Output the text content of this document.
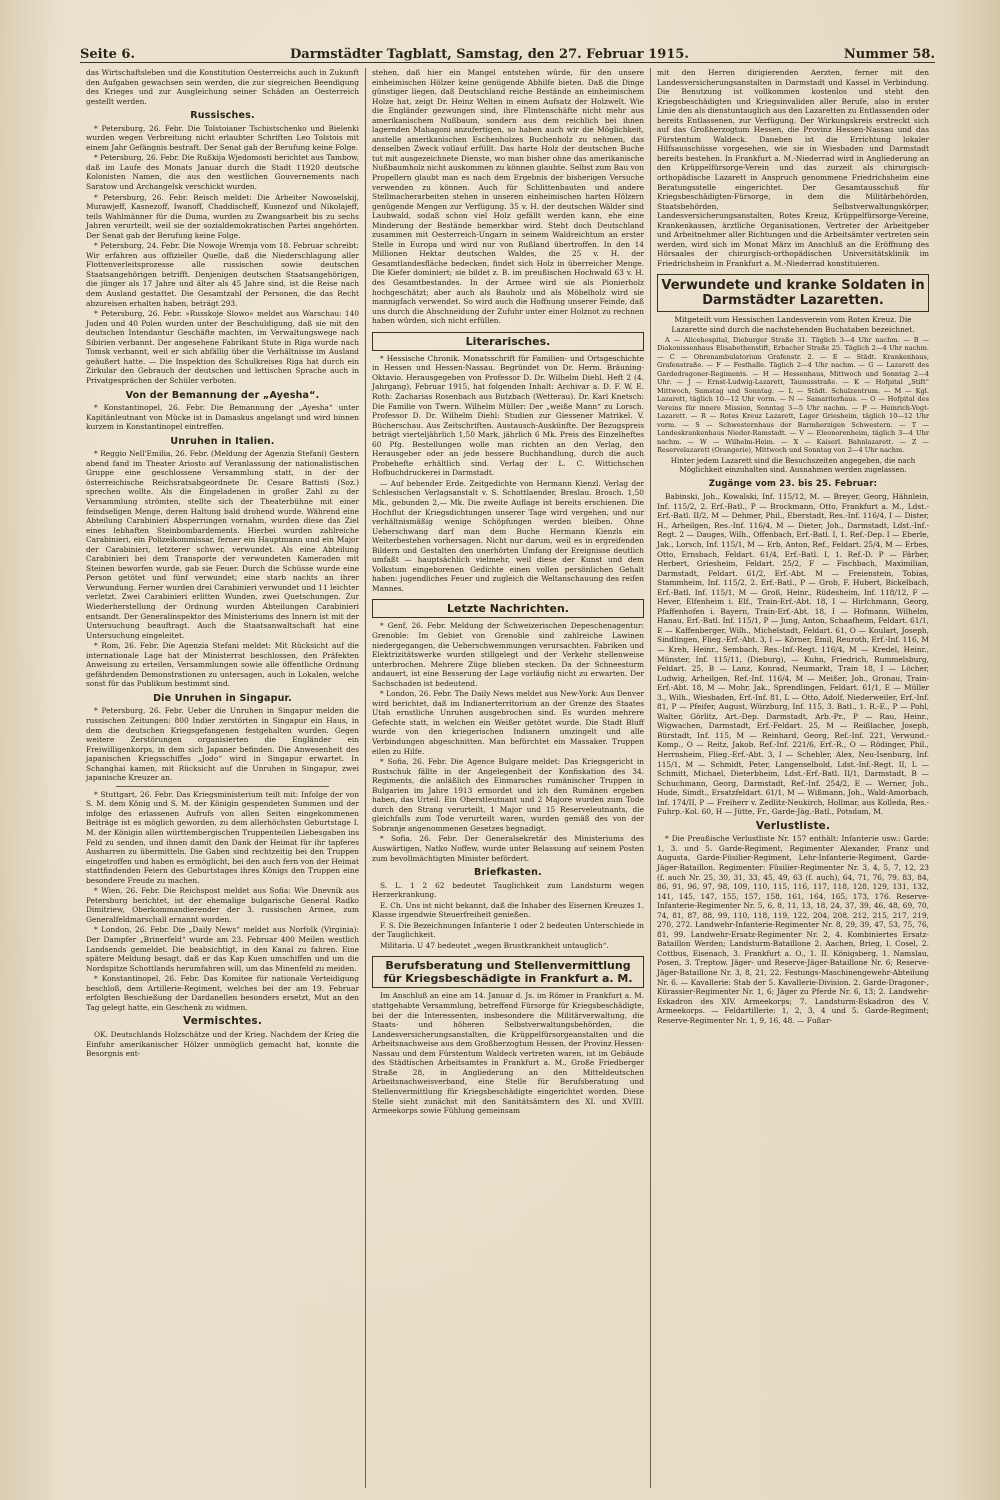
Seite 6.	Darmstädter Tagblatt, Samstag, den 27. Februar 1915.	Nummer 58.

das Wirtschaftsleben und die Konstitution Oesterreichs auch in Zukunft den Aufgaben gewachsen sein werden, die zur siegreichen Beendigung des Krieges und zur Ausgleichung seiner Schäden an Oesterreich gestellt werden.

Russisches.

* Petersburg, 26. Febr. Die Tolstoianer Tschistschenko und Bielenki wurden wegen Verbreitung nicht erlaubter Schriften Leo Tolstois mit einem Jahr Gefängnis bestraft. Der Senat gab der Berufung keine Folge.

* Petersburg, 26. Febr. Die Rußkija Wjedomosti berichtet aus Tambow, daß im Laufe des Monats Januar durch die Stadt 11920 deutsche Kolonisten Namen, die aus den westlichen Gouvernements nach Saratow und Archangelsk verschickt wurden.

* Petersburg, 26. Febr. Reisch meldet: Die Arbeiter Nowoselskij, Murawjeff, Kasnezoff, Iwanoff, Chaddischeff, Kusnezof und Nikolajeff, teils Wahlmänner für die Duma, wurden zu Zwangsarbeit bis zu sechs Jahren verurteilt, weil sie der sozialdemokratischen Partei angehörten. Der Senat gab der Berufung keine Folge.

* Petersburg, 24. Febr. Die Nowoje Wremja vom 18. Februar schreibt: Wir erfahren aus offizieller Quelle, daß die Niederschlagung aller Flottenverleitsprozesse alle russischen sowie deutschen Staatsangehörigen betrifft. Denjenigen deutschen Staatsangehörigen, die jünger als 17 Jahre und älter als 45 Jahre sind, ist die Reise nach dem Ausland gestattet. Die Gesamtzahl der Personen, die das Recht abzureisen erhalten haben, beträgt 293.

* Petersburg, 26. Febr. »Russkoje Slowo« meldet aus Warschau: 140 Juden und 40 Polen wurden unter der Beschuldigung, daß sie mit den deutschen Intendantur Geschäfte machten, im Verwaltungswege nach Sibirien verbannt. Der angesehene Fabrikant Stute in Riga wurde nach Tomsk verbannt, weil er sich abfällig über die Verhältnisse im Ausland geäußert hatte. — Die Inspektion des Schulkreises Riga hat durch ein Zirkular den Gebrauch der deutschen und lettischen Sprache auch in Privatgesprächen der Schüler verboten.

Von der Bemannung der „Ayesha“.

* Konstantinopel, 26. Febr. Die Bemannung der „Ayesha“ unter Kapitänleutnant von Mücke ist in Damaskus angelangt und wird binnen kurzem in Konstantinopel eintreffen.

Unruhen in Italien.

* Reggio Nell'Emilia, 26. Febr. (Meldung der Agenzia Stefani) Gestern abend fand im Theater Ariosto auf Veranlassung der nationalistischen Gruppe eine geschlossene Versammlung statt, in der der österreichische Reichsratsabgeordnete Dr. Cesare Battisti (Soz.) sprechen wollte. Als die Eingeladenen in großer Zahl zu der Versammlung strömten, stellte sich der Theaterbühne mit einer feindseligen Menge, deren Haltung bald drohend wurde. Während eine Abteilung Carabinieri Absperrungen vornahm, wurden diese das Ziel eines lebhaften Steinbombardements. Hierbei wurden zahlreiche Carabinieri, ein Polizeikommissar, ferner ein Hauptmann und ein Major der Carabinieri, letzterer schwer, verwundet. Als eine Abteilung Carabinieri bei dem Transporte der verwundeten Kameraden mit Steinen beworfen wurde, gab sie Feuer. Durch die Schüsse wurde eine Person getötet und fünf verwundet; eine starb nachts an ihrer Verwundung. Ferner wurden drei Carabinieri verwundet und 11 leichter verletzt. Zwei Carabinieri erlitten Wunden, zwei Quetschungen. Zur Wiederherstellung der Ordnung wurden Abteilungen Carabinieri entsandt. Der Generalinspektor des Ministeriums des Innern ist mit der Untersuchung beauftragt. Auch die Staatsanwaltschaft hat eine Untersuchung eingeleitet.

* Rom, 26. Febr. Die Agenzia Stefani meldet: Mit Rücksicht auf die internationale Lage hat der Ministerrat beschlossen, den Präfekten Anweisung zu erteilen, Versammlungen sowie alle öffentliche Ordnung gefährdenden Demonstrationen zu untersagen, auch in Lokalen, welche sonst für das Publikum bestimmt sind.

Die Unruhen in Singapur.

* Petersburg, 26. Febr. Ueber die Unruhen in Singapur melden die russischen Zeitungen: 800 Indier zerstörten in Singapur ein Haus, in dem die deutschen Kriegsgefangenen festgehalten wurden. Gegen weitere Zerstörungen organisierten die Engländer ein Freiwilligenkorps, in dem sich Japaner befinden. Die Anwesenheit des japanischen Kriegsschiffes „Jodo“ wird in Singapur erwartet. In Schanghai kamen, mit Rücksicht auf die Unruhen in Singapur, zwei japanische Kreuzer an.

* Stuttgart, 26. Febr. Das Kriegsministerium teilt mit: Infolge der von S. M. dem König und S. M. der Königin gespendeten Summen und der infolge des erlassenen Aufrufs von allen Seiten eingekommenen Beiträge ist es möglich geworden, zu dem allerhöchsten Geburtstage I. M. der Königin allen württembergischen Truppenteilen Liebesgaben ins Feld zu senden, und ihnen damit den Dank der Heimat für ihr tapferes Ausharren zu übermitteln. Die Gaben sind rechtzeitig bei den Truppen eingetroffen und haben es ermöglicht, bei den auch fern von der Heimat stattfindenden Feiern des Geburtstages ihres Königs den Truppen eine besondere Freude zu machen.

* Wien, 26. Febr. Die Reichspost meldet aus Sofia: Wie Dnevnik aus Petersburg berichtet, ist der ehemalige bulgarische General Radko Dimitriew, Oberkommandierender der 3. russischen Armee, zum Generalfeldmarschall ernannt worden.

* London, 26. Febr. Die „Daily News“ meldet aus Norfolk (Virginia): Der Dampfer „Brinerfeld“ wurde am 23. Februar 400 Meilen westlich Landsends gemeldet. Die beabsichtigt, in den Kanal zu fahren. Eine spätere Meldung besagt, daß er das Kap Kuen umschiffen und um die Nordspitze Schottlands herumfahren will, um das Minenfeld zu meiden.

* Konstantinopel, 26. Febr. Das Komitee für nationale Verteidigung beschloß, dem Artillerie-Regiment, welches bei der am 19. Februar erfolgten Beschießung der Dardanellen besonders ersetzt, Mut an den Tag gelegt hatte, ein Geschenk zu widmen.

Vermischtes.

OK. Deutschlands Holzschätze und der Krieg. Nachdem der Krieg die Einfuhr amerikanischer Hölzer unmöglich gemacht hat, konnte die Besorgnis ent-

stehen, daß hier ein Mangel entstehen würde, für den unsere einheimischen Hölzer keine genügende Abhilfe bieten. Daß die Dinge günstiger liegen, daß Deutschland reiche Bestände an einheimischem Holze hat, zeigt Dr. Heinz Welten in einem Aufsatz der Holzwelt. Wie die Engländer gezwungen sind, ihre Flintenschäfte nicht mehr aus amerikanischem Nußbaum, sondern aus dem reichlich bei ihnen lagernden Mahagoni anzufertigen, so haben auch wir die Möglichkeit, anstelle amerikanischen Eschenholzes Buchenholz zu nehmen, das denselben Zweck vollauf erfüllt. Das harte Holz der deutschen Buche tut mit ausgezeichnete Dienste, wo man bisher ohne das amerikanische Nußbaumholz nicht auskommen zu können glaubte. Selbst zum Bau von Propellern glaubt man es nach dem Ergebnis der bisherigen Versuche verwenden zu können. Auch für Schlittenbauten und andere Stellmacherarbeiten stehen in unseren einheimischen harten Hölzern genügende Mengen zur Verfügung. 35 v. H. der deutschen Wälder sind Laubwald, sodaß schon viel Holz gefällt werden kann, ehe eine Minderung der Bestände bemerkbar wird. Steht doch Deutschland zusammen mit Oesterreich-Ungarn in seinem Waldreichtum an erster Stelle in Europa und wird nur von Rußland übertroffen. In den 14 Millionen Hektar deutschen Waldes, die 25 v. H. der Gesamtlandesfläche bedecken, findet sich Holz in überreicher Menge. Die Kiefer dominiert; sie bildet z. B. im preußischen Hochwald 63 v. H. des Gesamtbestandes. In der Armee wird sie als Pionierholz hochgeschätzt; aber auch als Bauholz und als Möbelholz wird sie mannigfach verwendet. So wird auch die Hoffnung unserer Feinde, daß uns durch die Abschneidung der Zufuhr unter einer Holznot zu rechnen haben würden, sich nicht erfüllen.

Literarisches.

* Hessische Chronik. Monatsschrift für Familien- und Ortsgeschichte in Hessen und Hessen-Nassau. Begründet von Dr. Herm. Bräuning-Oktavio. Herausgegeben von Professor D. Dr. Wilhelm Diehl. Heft 2 (4. Jahrgang), Februar 1915, hat folgenden Inhalt: Archivar a. D. F. W. E. Roth: Zacharias Rosenbach aus Butzbach (Wetterau). Dr. Karl Knetsch: Die Familie von Twern. Wilhelm Müller: Der „weiße Mann“ zu Lorsch. Professor D. Dr. Wilhelm Diehl: Studien zur Giessener Matrikel. V. Bücherschau. Aus Zeitschriften. Austausch-Auskünfte. Der Bezugspreis beträgt vierteljährlich 1,50 Mark, jährlich 6 Mk. Preis des Einzelheftes 60 Pfg. Bestellungen wolle man richten an den Verlag, den Herausgeber oder an jede bessere Buchhandlung, durch die auch Probehefte erhältlich sind. Verlag der L. C. Wittichschen Hofbuchdruckerei in Darmstadt.

— Auf bebender Erde. Zeitgedichte von Hermann Kienzl. Verlag der Schlesischen Verlagsanstalt v. S. Schottlaender, Breslau. Brosch. 1,50 Mk., gebunden 2,— Mk. Die zweite Auflage ist bereits erschienen. Die Hochflut der Kriegsdichtungen unserer Tage wird vergehen, und nur verhältnismäßig wenige Schöpfungen werden bleiben. Ohne Ueberschwang darf man dem Buche Hermann Kienzls ein Weiterbestehen vorhersagen. Nicht nur darum, weil es in ergreifenden Bildern und Gestalten den unerhörten Umfang der Ereignisse deutlich umfaßt — hauptsächlich vielmehr, weil diese der Kunst und dem Volkstum eingeborenen Gedichte einen vollen persönlichen Gehalt haben: jugendliches Feuer und zugleich die Weltanschauung des reifen Mannes.

Letzte Nachrichten.

* Genf, 26. Febr. Meldung der Schweizerischen Depeschenagentur: Grenoble: Im Gebiet von Grenoble sind zahlreiche Lawinen niedergegangen, die Ueberschwemmungen verursachten. Fabriken und Elektrizitätswerke wurden stillgelegt und der Verkehr stellenweise unterbrochen. Mehrere Züge blieben stecken. Da der Schneesturm andauert, ist eine Besserung der Lage vorläufig nicht zu erwarten. Der Sachschaden ist bedeutend.

* London, 26. Febr. The Daily News meldet aus New-York: Aus Denver wird berichtet, daß im Indianerterritorium an der Grenze des Staates Utah ernstliche Unruhen ausgebrochen sind. Es wurden mehrere Gefechte statt, in welchen ein Weißer getötet wurde. Die Stadt Bluff wurde von den kriegerischen Indianern umzingelt und alle Verbindungen abgeschnitten. Man befürchtet ein Massaker. Truppen eilen zu Hilfe.

* Sofia, 26. Febr. Die Agence Bulgare meldet: Das Kriegsgericht in Rustschuk fällte in der Angelegenheit der Konfiskation des 34. Regiments, die anläßlich des Einmarsches rumänischer Truppen in Bulgarien im Jahre 1913 ermordet und ich den Rumänen ergeben haben, das Urteil. Ein Oberstleutnant und 2 Majore wurden zum Tode durch den Strang verurteilt, 1 Major und 15 Reserveleutnants, die gleichfalls zum Tode verurteilt waren, wurden gemäß des von der Sobranje angenommenen Gesetzes begnadigt.

* Sofia, 26. Febr. Der Generalsekretär des Ministeriums des Auswärtigen, Natko Noffew, wurde unter Belassung auf seinem Posten zum bevollmächtigten Minister befördert.

Briefkasten.

S. L. 1 2 62 bedeutet Tauglichkeit zum Landsturm wegen Herzerkrankung.

E. Ch. Uns ist nicht bekannt, daß die Inhaber des Eisernen Kreuzes 1. Klasse irgendwie Steuerfreiheit genießen.

F. S. Die Bezeichnungen Infanterie 1 oder 2 bedeuten Unterschiede in der Tauglichkeit.

Militaria. U 47 bedeutet „wegen Brustkrankheit untauglich“.

Berufsberatung und Stellenvermittlung für Kriegsbeschädigte in Frankfurt a. M.

Im Anschluß an eine am 14. Januar d. Js. im Römer in Frankfurt a. M. stattgehabte Versammlung, betreffend Fürsorge für Kriegsbeschädigte, bei der die Interessenten, insbesondere die Militärverwaltung, die Staats- und höheren Selbstverwaltungsbehörden, die Landesversicherungsanstalten, die Krüppelfürsorgeanstalten und die Arbeitsnachweise aus dem Großherzogtum Hessen, der Provinz Hessen-Nassau und dem Fürstentum Waldeck vertreten waren, ist im Gebäude des Städtischen Arbeitsamtes in Frankfurt a. M., Große Friedberger Straße 28, in Angliederung an den Mitteldeutschen Arbeitsnachweisverband, eine Stelle für Berufsberatung und Stellenvermittlung für Kriegsbeschädigte eingerichtet worden. Diese Stelle sieht zunächst mit den Sanitätsämtern des XI. und XVIII. Armeekorps sowie Fühlung gemeinsam

mit den Herren dirigierenden Aerzten, ferner mit den Landesversicherungsanstalten in Darmstadt und Kassel in Verbindung. Die Benutzung ist vollkommen kostenlos und steht den Kriegsbeschädigten und Kriegsinvaliden aller Berufe, also in erster Linie den als dienstuntauglich aus den Lazaretten zu Entlassenden oder bereits Entlassenen, zur Verfügung. Der Wirkungskreis erstreckt sich auf das Großherzogtum Hessen, die Provinz Hessen-Nassau und das Fürstentum Waldeck. Daneben ist die Errichtung lokaler Hilfsausschüsse vorgesehen, wie sie in Wiesbaden und Darmstadt bereits bestehen. In Frankfurt a. M.-Niederrad wird in Angliederung an den Krüppelfürsorge-Verein und das zurzeit als chirurgisch-orthopädische Lazarett in Anspruch genommene Friedrichsheim eine Beratungsstelle eingerichtet. Der Gesamtausschuß für Kriegsbeschädigten-Fürsorge, in dem die Militärbehörden, Staatsbehörden, Selbstverwaltungskörper, Landesversicherungsanstalten, Rotes Kreuz, Krüppelfürsorge-Vereine, Krankenkassen, ärztliche Organisationen, Vertreter der Arbeitgeber und Arbeitnehmer aller Richtungen und die Arbeitsämter vertreten sein werden, wird sich im Monat März im Anschluß an die Eröffnung des Hörsaales der chirurgisch-orthopädischen Universitätsklinik im Friedrichsheim in Frankfurt a. M.-Niederrad konstituieren.

Verwundete und kranke Soldaten in Darmstädter Lazaretten.

Mitgeteilt vom Hessischen Landesverein vom Roten Kreuz. Die Lazarette sind durch die nachstehenden Buchstaben bezeichnet.

A — Alicehospital, Dieburger Straße 31. Täglich 3—4 Uhr nachm. — B — Diakonissenhaus Elisabethenstift, Erbacher Straße 25. Täglich 2—4 Uhr nachm. — C — Ohrenambulatorium Grafenstr. 2. — E — Städt. Krankenhaus, Grafenstraße. — F — Festhalle. Täglich 2—4 Uhr nachm. — G — Lazarett des Gardedragoner-Regiments. — H — Hessenhaus, Mittwoch und Sonntag 2—4 Uhr. — J — Ernst-Ludwig-Lazarett, Taunusstraße. — K — Hofpital „Stift“ Mittwoch, Samstag und Sonntag. — L — Städt. Schulzentrum. — M — Kgl. Lazarett, täglich 10—12 Uhr vorm. — N — Samariterhaus. — O — Hofpital des Vereins für innere Mission, Sonntag 3—5 Uhr nachm. — P — Heinrich-Vogt-Lazarett. — R — Rotes Kreuz Lazarett, Lager Griesheim, täglich 10—12 Uhr vorm. — S — Schwesternhaus der Barmherzigen Schwestern. — T — Landeskrankenhaus Nieder-Ramstadt. — V — Eleonorenheim, täglich 3—4 Uhr nachm. — W — Wilhelm-Heim. — X — Kaiserl. Bahnlazarett. — Z — Reservelazarett (Orangerie), Mittwoch und Sonntag von 2—4 Uhr nachm.

Hinter jedem Lazarett sind die Besuchszeiten angegeben, die nach Möglichkeit einzuhalten sind. Ausnahmen werden zugelassen.

Zugänge vom 23. bis 25. Februar:

Babinski, Joh., Kowalski, Inf. 115/12, M. — Breyer, Georg, Hähnlein, Inf. 115/2, 2. Erf.-Batl., P — Brockmann, Otto, Frankfurt a. M., Ldst.-Erf.-Batl. II/2, M — Dehmer, Phil., Eberstadt, Res.-Inf. 116/4, I — Dister, H., Arheilgen, Res.-Inf. 116/4, M — Dieter, Joh., Darmstadt, Ldst.-Inf.-Regt. 2 — Dauges, Wilh., Offenbach, Erf.-Batl. I, 1. Ref.-Dep. I — Eberle, Jak., Lorsch, Inf. 115/1, M — Erb, Anton, Ref., Feldart. 25/4, M — Erbes, Otto, Ernsbach, Feldart. 61/4, Erf.-Batl. I, 1. Ref.-D. P — Färber, Herbert, Griesheim, Feldart. 25/2, F — Fischbach, Maximilian, Darmstadt, Feldart. 61/2, Erf.-Abt. M — Freienstein, Tobias, Stammheim, Inf. 115/2, 2. Erf.-Batl., P — Grob, F. Hubert, Bickelbach, Erf.-Batl. Inf. 115/1, M — Groß, Heinr., Rüdesheim, Inf. 118/12, F — Hever, Elfenheim i. Elf., Train-Erf.-Abt. 18, I — Hirfchmann, Georg, Pfaffenhofen i. Bayern, Train-Erf.-Abt. 18, I — Hofmann, Wilhelm, Hanau, Erf.-Batl. Inf. 115/1, P — Jung, Anton, Schaafheim, Feldart. 61/1, E — Kaffenberger, Wilh., Michelstadt, Feldart. 61, O — Koulart, Joseph, Sindlingen, Flieg.-Erf.-Abt. 3, I — Körner, Emil, Reuroth, Erf.-Inf. 116, M — Kreh, Heinr., Sembach, Res.-Inf.-Regt. 116/4, M — Kredel, Heinr., Münster, Inf. 115/11, (Dieburg), — Kuhn, Friedrich, Rummelsburg, Feldart. 25, B — Lanz, Konrad, Neumarkt, Train 18, I — Löcher, Ludwig, Arheilgen, Ref.-Inf. 116/4, M — Meißer, Joh., Gronau, Train-Erf.-Abt. 18, M — Mohr, Jak., Sprendlingen, Feldart. 61/1, E — Müller 3., Wilh., Wiesbaden, Erf.-Inf. 81, L — Otto, Adolf, Niederweiler, Erf.-Inf. 81, P — Pfeifer, August, Würzburg, Inf. 115, 3. Batl., 1. R.-E., P — Pohl, Walter, Görlitz, Art.-Dep. Darmstadt, Arb.-Pr., P — Rau, Heinr., Wigwachen, Darmstadt, Erf.-Feldart. 25, M — Reißlacher, Joseph, Bürstadt, Inf. 115, M — Reinhard, Georg, Ref.-Inf. 221, Verwund.-Komp., O — Reitz, Jakob, Ref.-Inf. 221/6, Erf.-R., O — Rödinger, Phil., Herrnsheim, Flieg.-Erf.-Abt. 3, I — Schebler, Alex, Neu-Isenburg, Inf. 115/1, M — Schmidt, Peter, Langenselbold, Ldst.-Inf.-Regt. II, L — Schmitt, Michael, Dieterbheim, Ldst.-Erf.-Batl. II/1, Darmstadt, B — Schuchmann, Georg, Darmstadt, Ref.-Inf. 254/2, E — Werner, Joh., Hude, Simdt., Ersatzfeldart. 61/1, M — Wißmann, Joh., Wald-Amorbach, Inf. 174/II, P — Freiherr v. Zedlitz-Neukirch, Hollmar, aus Kolleda, Res.-Fuhrp.-Kol. 60, H — Jütte, Fr., Garde-Jäg.-Batl., Potsdam, M.

Verlustliste.

* Die Preußische Verlustliste Nr. 157 enthält: Infanterie usw.: Garde: 1, 3. und 5. Garde-Regiment, Regimenter Alexander, Franz und Augusta, Garde-Füsilier-Regiment, Lehr-Infanterie-Regiment, Garde-Jäger-Bataillon. Regimenter: Füsilier-Regimenter Nr. 3, 4, 5, 7, 12, 23 (f. auch Nr. 25, 30, 31, 33, 45, 49, 63 (f. auch), 64, 71, 76, 79, 83, 84, 86, 91, 96, 97, 98, 109, 110, 115, 116, 117, 118, 128, 129, 131, 132, 141, 145, 147, 155, 157, 158, 161, 164, 165, 173, 176. Reserve-Infanterie-Regimenter Nr. 5, 6, 8, 11, 13, 18, 24, 37, 39, 46, 48, 69, 70, 74, 81, 87, 88, 99, 110, 118, 119, 122, 204, 208, 212, 215, 217, 219, 270, 272. Landwehr-Infanterie-Regimenter Nr. 8, 29, 39, 47, 53, 75, 76, 81, 99. Landwehr-Ersatz-Regimenter Nr. 2, 4. Kombiniertes Ersatz-Bataillon Werden; Landsturm-Bataillone 2. Aachen, Brieg, I. Cosel, 2. Cottbus, Eisenach, 3. Frankfurt a. O., 1. II. Königsberg, 1. Namslau, Posen, 3. Treptow. Jäger- und Reserve-Jäger-Bataillone Nr. 6; Reserve-Jäger-Bataillone Nr. 3, 8, 21, 22. Festungs-Maschinengewehr-Abteilung Nr. 6. — Kavallerie: Stab der 5. Kavallerie-Division. 2. Garde-Dragoner-, Kürassier-Regimenter Nr. 1, 6; Jäger zu Pferde Nr. 6, 13; 2. Landwehr-Eskadron des XIV. Armeekorps; 7. Landsturm-Eskadron des V. Armeekorps. — Feldartillerie: 1, 2, 3, 4 und 5. Garde-Regiment; Reserve-Regimenter Nr. 1, 9, 16, 48. — Fußar-
